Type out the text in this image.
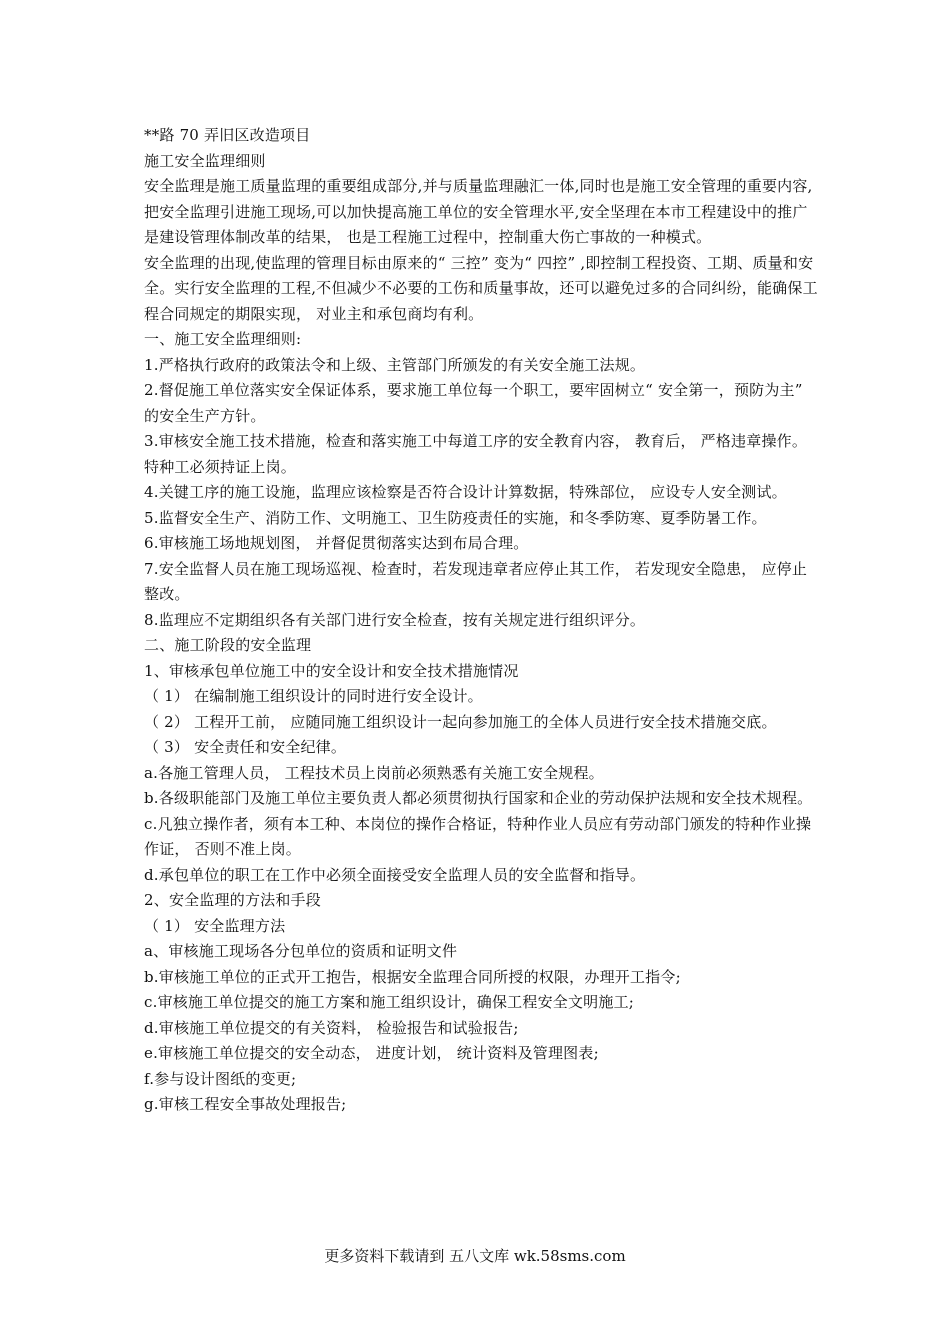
**路 70 弄旧区改造项目

施工安全监理细则

安全监理是施工质量监理的重要组成部分,并与质量监理融汇一体,同时也是施工安全管理的重要内容,把安全监理引进施工现场,可以加快提高施工单位的安全管理水平,安全坚理在本市工程建设中的推广是建设管理体制改革的结果， 也是工程施工过程中，控制重大伤亡事故的一种模式。

安全监理的出现,使监理的管理目标由原来的“ 三控” 变为“ 四控” ,即控制工程投资、工期、质量和安全。实行安全监理的工程,不但减少不必要的工伤和质量事故，还可以避免过多的合同纠纷，能确保工程合同规定的期限实现， 对业主和承包商均有利。

一、施工安全监理细则:

1.严格执行政府的政策法令和上级、主管部门所颁发的有关安全施工法规。

2.督促施工单位落实安全保证体系，要求施工单位每一个职工，要牢固树立“ 安全第一，预防为主” 的安全生产方针。

3.审核安全施工技术措施，检查和落实施工中每道工序的安全教育内容， 教育后， 严格违章操作。特种工必须持证上岗。

4.关键工序的施工设施，监理应该检察是否符合设计计算数据，特殊部位， 应设专人安全测试。

5.监督安全生产、消防工作、文明施工、卫生防疫责任的实施，和冬季防寒、夏季防暑工作。

6.审核施工场地规划图， 并督促贯彻落实达到布局合理。

7.安全监督人员在施工现场巡视、检查时，若发现违章者应停止其工作， 若发现安全隐患， 应停止整改。

8.监理应不定期组织各有关部门进行安全检查，按有关规定进行组织评分。

二、施工阶段的安全监理

1、审核承包单位施工中的安全设计和安全技术措施情况

（ 1） 在编制施工组织设计的同时进行安全设计。

（ 2） 工程开工前， 应随同施工组织设计一起向参加施工的全体人员进行安全技术措施交底。

（ 3） 安全责任和安全纪律。

a.各施工管理人员， 工程技术员上岗前必须熟悉有关施工安全规程。

b.各级职能部门及施工单位主要负责人都必须贯彻执行国家和企业的劳动保护法规和安全技术规程。

c.凡独立操作者，须有本工种、本岗位的操作合格证，特种作业人员应有劳动部门颁发的特种作业操作证， 否则不准上岗。

d.承包单位的职工在工作中必须全面接受安全监理人员的安全监督和指导。

2、安全监理的方法和手段

（ 1） 安全监理方法

a、审核施工现场各分包单位的资质和证明文件

b.审核施工单位的正式开工抱告，根据安全监理合同所授的权限，办理开工指令;

c.审核施工单位提交的施工方案和施工组织设计，确保工程安全文明施工;

d.审核施工单位提交的有关资料， 检验报告和试验报告;

e.审核施工单位提交的安全动态， 进度计划， 统计资料及管理图表;

f.参与设计图纸的变更;

g.审核工程安全事故处理报告;

更多资料下载请到 五八文库 wk.58sms.com
